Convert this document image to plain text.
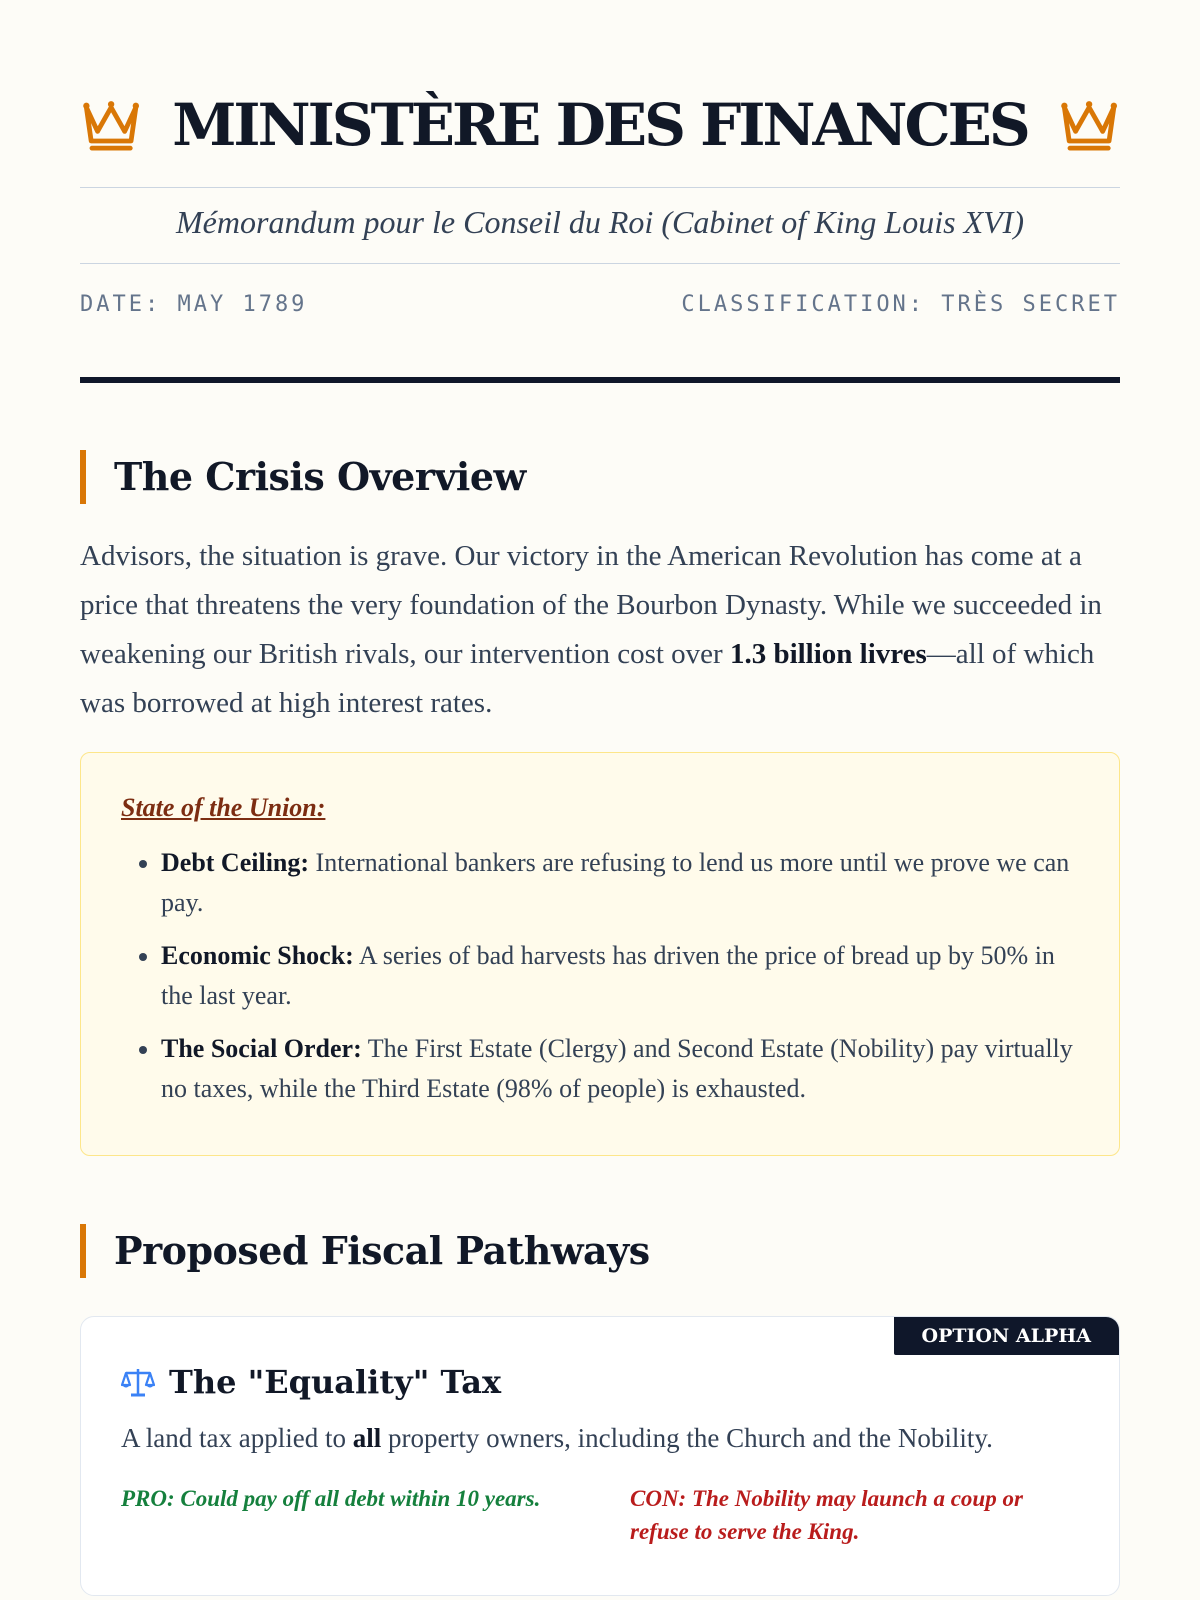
MINISTÈRE DES FINANCES
Mémorandum pour le Conseil du Roi (Cabinet of King Louis XVI)
DATE: MAY 1789	CLASSIFICATION: TRÈS SECRET
The Crisis Overview

Advisors, the situation is grave. Our victory in the American Revolution has come at a price that threatens the very foundation of the Bourbon Dynasty. While we succeeded in weakening our British rivals, our intervention cost over 1.3 billion livres—all of which was borrowed at high interest rates.

State of the Union:

• Debt Ceiling: International bankers are refusing to lend us more until we prove we can pay.
• Economic Shock: A series of bad harvests has driven the price of bread up by 50% in the last year.
• The Social Order: The First Estate (Clergy) and Second Estate (Nobility) pay virtually no taxes, while the Third Estate (98% of people) is exhausted.
Proposed Fiscal Pathways
OPTION ALPHA
The "Equality" Tax

A land tax applied to all property owners, including the Church and the Nobility.

PRO: Could pay off all debt within 10 years.	CON: The Nobility may launch a coup or refuse to serve the King.
